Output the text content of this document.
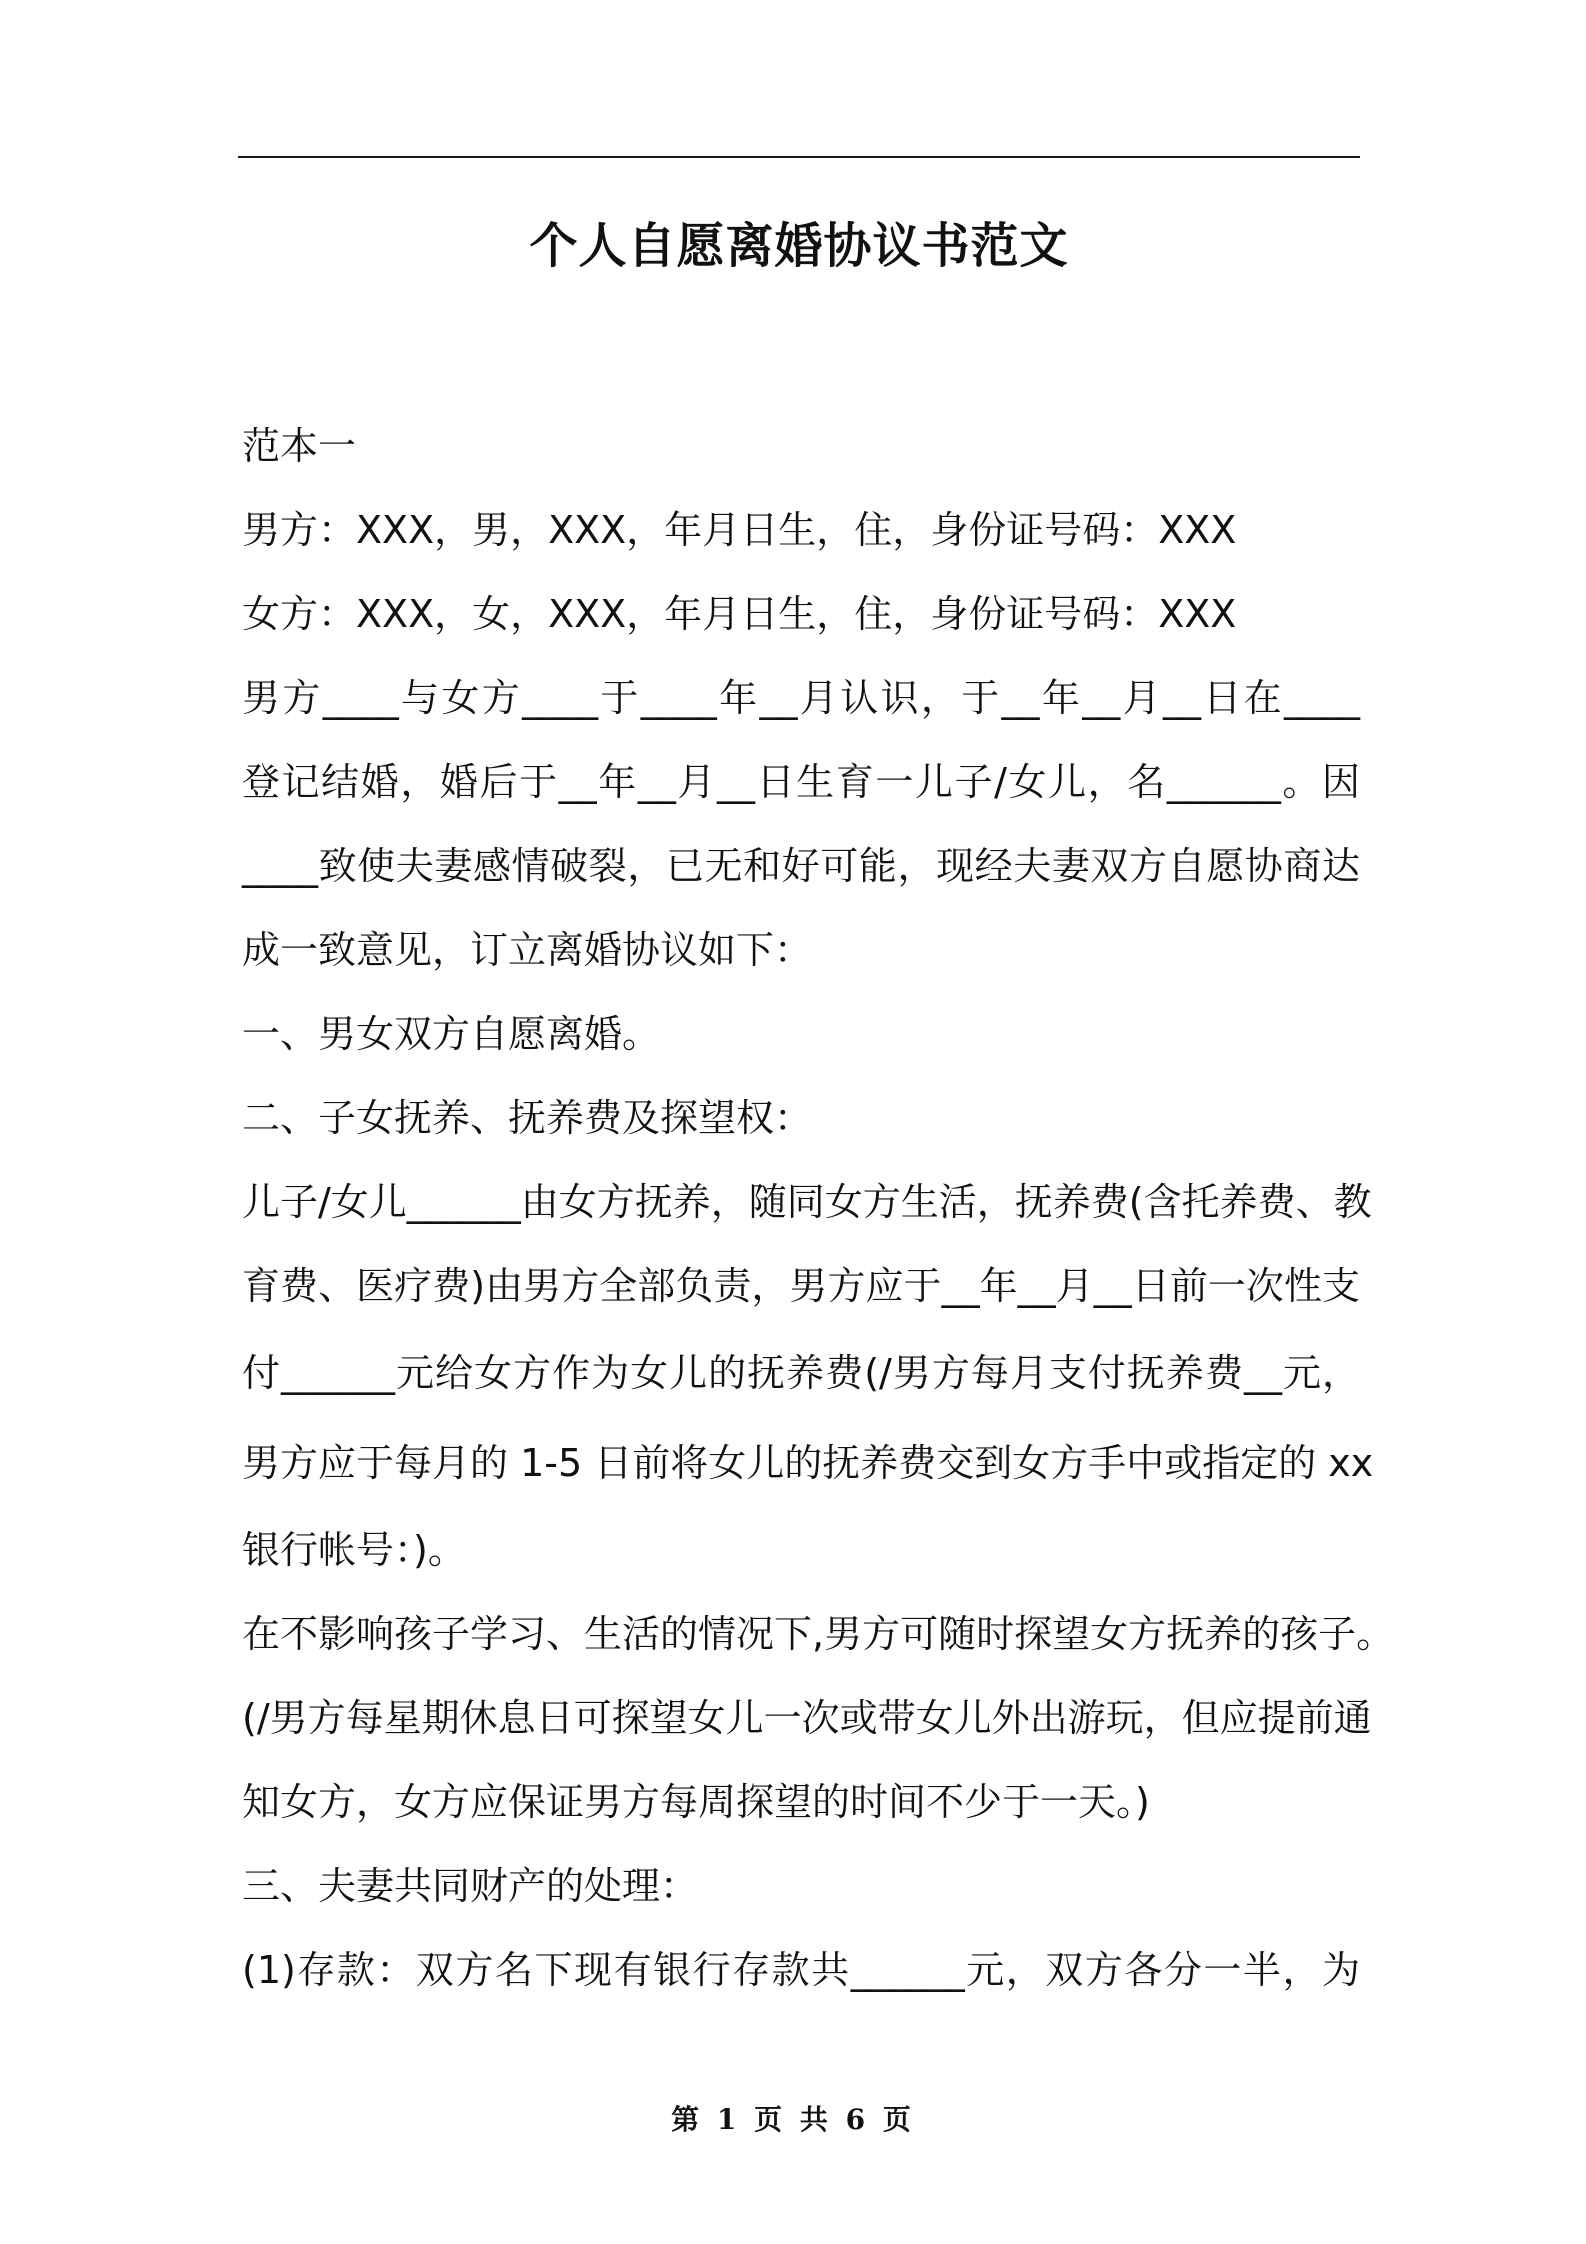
个人自愿离婚协议书范文
范本一
男方：XXX，男，XXX，年月日生，住，身份证号码：XXX
女方：XXX，女，XXX，年月日生，住，身份证号码：XXX
男方____与女方____于____年__月认识，于__年__月__日在____
登记结婚，婚后于__年__月__日生育一儿子/女儿，名______。因
____致使夫妻感情破裂，已无和好可能，现经夫妻双方自愿协商达
成一致意见，订立离婚协议如下：
一、男女双方自愿离婚。
二、子女抚养、抚养费及探望权：
儿子/女儿______由女方抚养，随同女方生活，抚养费(含托养费、教
育费、医疗费)由男方全部负责，男方应于__年__月__日前一次性支
付______元给女方作为女儿的抚养费(/男方每月支付抚养费__元，
男方应于每月的 1-5 日前将女儿的抚养费交到女方手中或指定的 xx
银行帐号：)。
在不影响孩子学习、生活的情况下,男方可随时探望女方抚养的孩子。
(/男方每星期休息日可探望女儿一次或带女儿外出游玩，但应提前通
知女方，女方应保证男方每周探望的时间不少于一天。)
三、夫妻共同财产的处理：
(1)存款：双方名下现有银行存款共______元，双方各分一半，为
第 1 页 共 6 页
